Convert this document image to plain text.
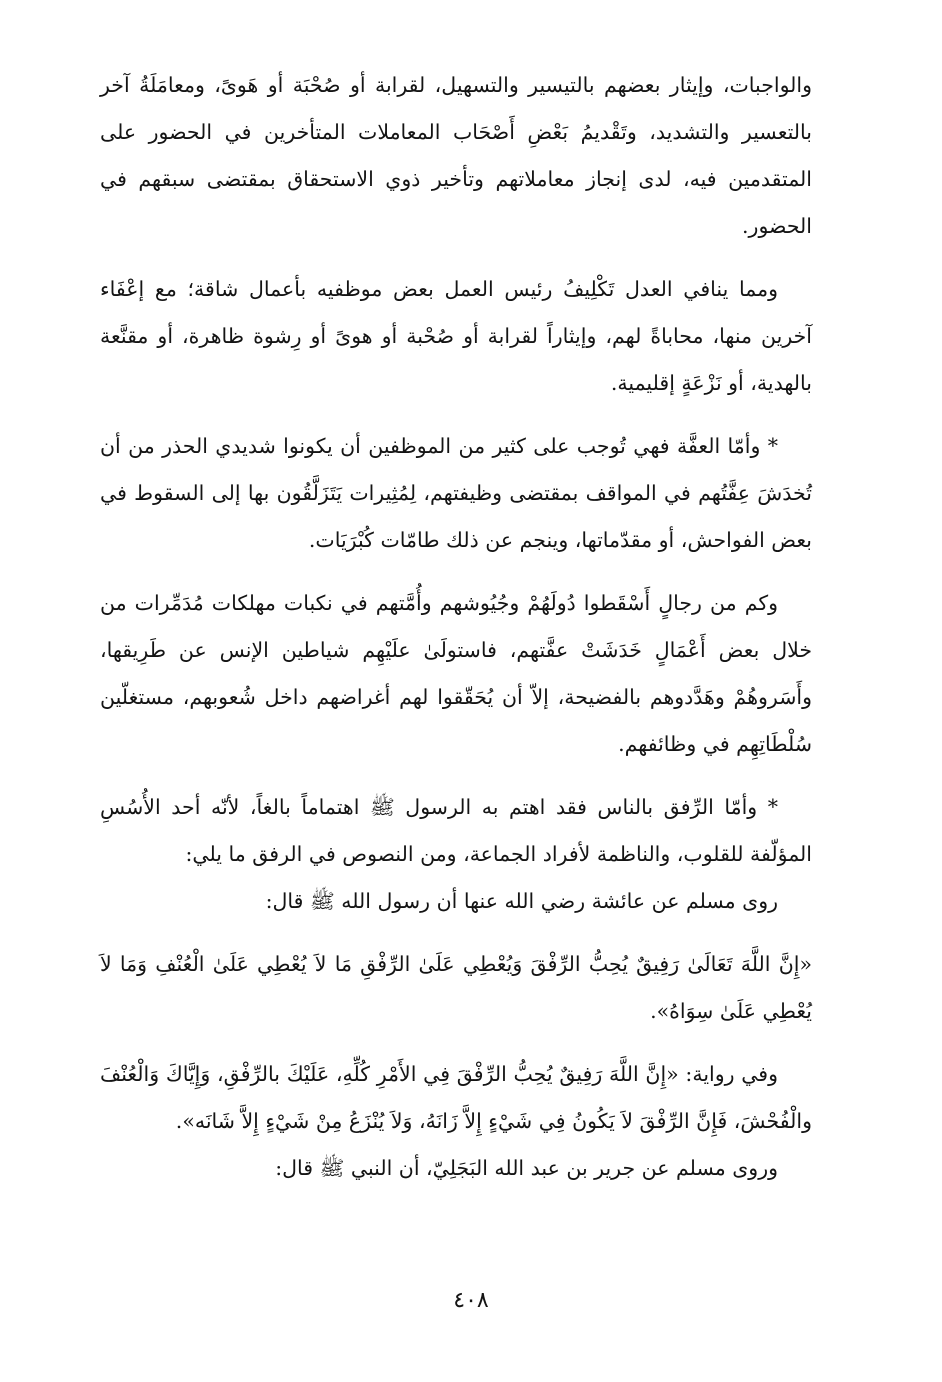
والواجبات، وإيثار بعضهم بالتيسير والتسهيل، لقرابة أو صُحْبَة أو هَوىً، ومعامَلَةُ آخر بالتعسير والتشديد، وتَقْديمُ بَعْضِ أَصْحَاب المعاملات المتأخرين في الحضور على المتقدمين فيه، لدى إنجاز معاملاتهم وتأخير ذوي الاستحقاق بمقتضى سبقهم في الحضور.

ومما ينافي العدل تَكْلِيفُ رئيس العمل بعض موظفيه بأعمال شاقة؛ مع إعْفَاء آخرين منها، محاباةً لهم، وإيثاراً لقرابة أو صُحْبة أو هوىً أو رِشوة ظاهرة، أو مقنَّعة بالهدية، أو نَزْعَةٍ إقليمية.

* وأمّا العفَّة فهي تُوجب على كثير من الموظفين أن يكونوا شديدي الحذر من أن تُخدَشَ عِفَّتُهم في المواقف بمقتضى وظيفتهم، لِمُثِيرات يَتَزَلَّقُون بها إلى السقوط في بعض الفواحش، أو مقدّماتها، وينجم عن ذلك طامّات كُبْرَيَات.

وكم من رجالٍ أَسْقَطوا دُولَهُمْ وجُيُوشهم وأُمَّتهم في نكبات مهلكات مُدَمِّرات من خلال بعض أَعْمَالٍ خَدَشَتْ عفَّتهم، فاستولَىٰ علَيْهِم شياطين الإنس عن طَرِيقها، وأَسَروهُمْ وهَدَّدوهم بالفضيحة، إلاّ أن يُحَقّقوا لهم أغراضهم داخل شُعوبهم، مستغلّين سُلْطَاتِهِم في وظائفهم.

* وأمّا الرِّفق بالناس فقد اهتم به الرسول ﷺ اهتماماً بالغاً، لأنّه أحد الأُسُسِ المؤلّفة للقلوب، والناظمة لأفراد الجماعة، ومن النصوص في الرفق ما يلي:

روى مسلم عن عائشة رضي الله عنها أن رسول الله ﷺ قال:

«إِنَّ اللَّهَ تَعَالَىٰ رَفِيقٌ يُحِبُّ الرِّفْقَ وَيُعْطِي عَلَىٰ الرِّفْقِ مَا لاَ يُعْطِي عَلَىٰ الْعُنْفِ وَمَا لاَ يُعْطِي عَلَىٰ سِوَاهُ».

وفي رواية: «إِنَّ اللَّهَ رَفِيقٌ يُحِبُّ الرِّفْقَ فِي الأَمْرِ كُلِّهِ، عَلَيْكَ بالرِّفْقِ، وَإِيَّاكَ وَالْعُنْفَ والْفُحْشَ، فَإِنَّ الرِّفْقَ لاَ يَكُونُ فِي شَيْءٍ إِلاَّ زَانَهُ، وَلاَ يُنْزَعُ مِنْ شَيْءٍ إِلاَّ شَانَه».

وروى مسلم عن جرير بن عبد الله البَجَلِيّ، أن النبي ﷺ قال:

٤٠٨
